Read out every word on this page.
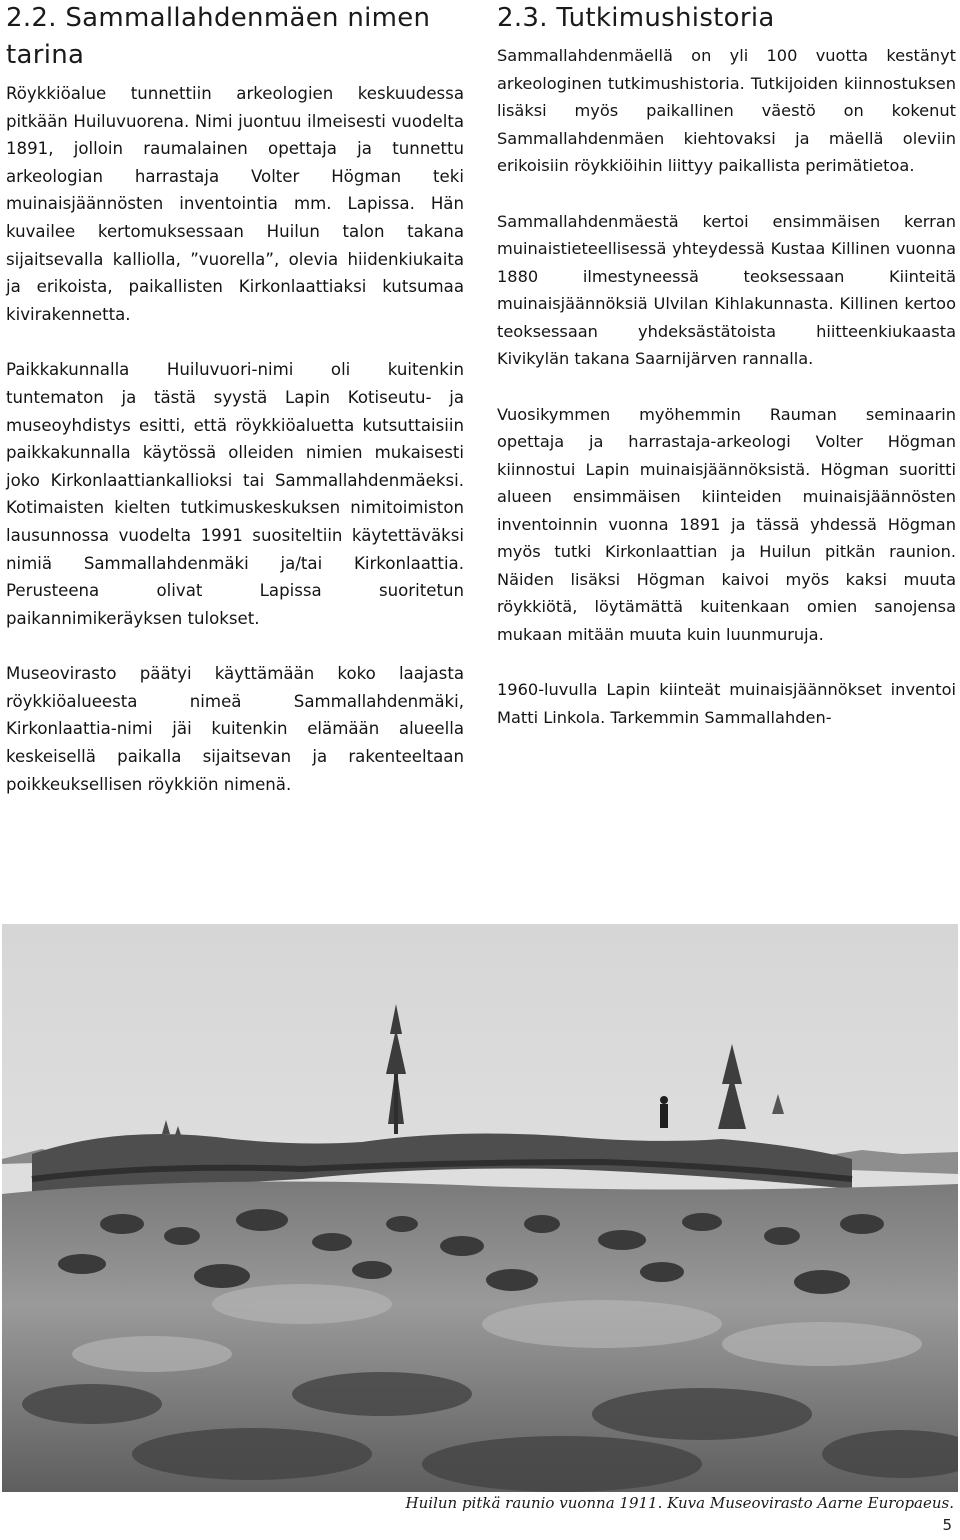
2.2. Sammallahdenmäen nimen tarina

Röykkiöalue tunnettiin arkeologien keskuudessa pitkään Huiluvuorena. Nimi juontuu ilmeisesti vuodelta 1891, jolloin raumalainen opettaja ja tunnettu arkeologian harrastaja Volter Högman teki muinaisjäännösten inventointia mm. Lapissa. Hän kuvailee kertomuksessaan Huilun talon takana sijaitsevalla kalliolla, ”vuorella”, olevia hiidenkiukaita ja erikoista, paikallisten Kirkonlaattiaksi kutsumaa kivirakennetta.

Paikkakunnalla Huiluvuori-nimi oli kuitenkin tuntematon ja tästä syystä Lapin Kotiseutu- ja museoyhdistys esitti, että röykkiöaluetta kutsuttaisiin paikkakunnalla käytössä olleiden nimien mukaisesti joko Kirkonlaattiankallioksi tai Sammallahdenmäeksi. Kotimaisten kielten tutkimuskeskuksen nimitoimiston lausunnossa vuodelta 1991 suositeltiin käytettäväksi nimiä Sammallahdenmäki ja/tai Kirkonlaattia. Perusteena olivat Lapissa suoritetun paikannimikeräyksen tulokset.

Museovirasto päätyi käyttämään koko laajasta röykkiöalueesta nimeä Sammallahdenmäki, Kirkonlaattia-nimi jäi kuitenkin elämään alueella keskeisellä paikalla sijaitsevan ja rakenteeltaan poikkeuksellisen röykkiön nimenä.

2.3. Tutkimushistoria

Sammallahdenmäellä on yli 100 vuotta kestänyt arkeologinen tutkimushistoria. Tutkijoiden kiinnostuksen lisäksi myös paikallinen väestö on kokenut Sammallahdenmäen kiehtovaksi ja mäellä oleviin erikoisiin röykkiöihin liittyy paikallista perimätietoa.

Sammallahdenmäestä kertoi ensimmäisen kerran muinaistieteellisessä yhteydessä Kustaa Killinen vuonna 1880 ilmestyneessä teoksessaan Kiinteitä muinaisjäännöksiä Ulvilan Kihlakunnasta. Killinen kertoo teoksessaan yhdeksästätoista hiitteenkiukaasta Kivikylän takana Saarnijärven rannalla.

Vuosikymmen myöhemmin Rauman seminaarin opettaja ja harrastaja-arkeologi Volter Högman kiinnostui Lapin muinaisjäännöksistä. Högman suoritti alueen ensimmäisen kiinteiden muinaisjäännösten inventoinnin vuonna 1891 ja tässä yhdessä Högman myös tutki Kirkonlaattian ja Huilun pitkän raunion. Näiden lisäksi Högman kaivoi myös kaksi muuta röykkiötä, löytämättä kuitenkaan omien sanojensa mukaan mitään muuta kuin luunmuruja.

1960-luvulla Lapin kiinteät muinaisjäännökset inventoi Matti Linkola. Tarkemmin Sammallahden-

Huilun pitkä raunio vuonna 1911. Kuva Museovirasto Aarne Europaeus.
5
